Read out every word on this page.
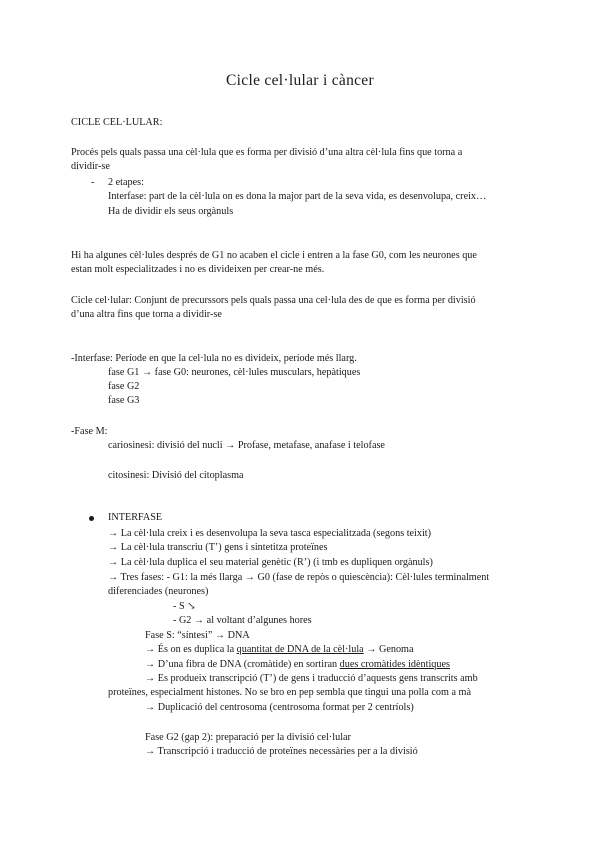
Cicle cel·lular i càncer
CICLE CEL·LULAR:
Procés pels quals passa una cèl·lula que es forma per divisió d’una altra cèl·lula fins que torna a
dividir-se
- 2 etapes:
Interfase: part de la cèl·lula on es dona la major part de la seva vida, es desenvolupa, creix…
Ha de dividir els seus orgànuls
Hi ha algunes cèl·lules després de G1 no acaben el cicle i entren a la fase G0, com les neurones que
estan molt especialitzades i no es divideixen per crear-ne més.
Cicle cel·lular: Conjunt de precurssors pels quals passa una cel·lula des de que es forma per divisió
d’una altra fins que torna a dividir-se
-Interfase: Període en que la cel·lula no es divideix, període més llarg.
fase G1 → fase G0: neurones, cèl·lules musculars, hepàtiques
fase G2
fase G3
-Fase M:
cariosinesi: divisió del nucli → Profase, metafase, anafase i telofase
citosinesi: Divisió del citoplasma
INTERFASE
→ La cèl·lula creix i es desenvolupa la seva tasca especialitzada (segons teixit)
→ La cèl·lula transcriu (T’) gens i sintetitza proteïnes
→ La cèl·lula duplica el seu material genètic (R’) (i tmb es dupliquen orgànuls)
→ Tres fases: - G1: la més llarga → G0 (fase de repòs o quiescència): Cèl·lules terminalment
diferenciades (neurones)
- S ↘
- G2 → al voltant d’algunes hores
Fase S: “síntesi” → DNA
→ És on es duplica la quantitat de DNA de la cèl·lula → Genoma
→ D’una fibra de DNA (cromàtide) en sortiran dues cromàtides idèntiques
→ Es produeix transcripció (T’) de gens i traducció d’aquests gens transcrits amb
proteïnes, especialment histones. No se bro en pep sembla que tingui una polla com a mà
→ Duplicació del centrosoma (centrosoma format per 2 centríols)
Fase G2 (gap 2): preparació per la divisió cel·lular
→ Transcripció i traducció de proteïnes necessàries per a la divisió
